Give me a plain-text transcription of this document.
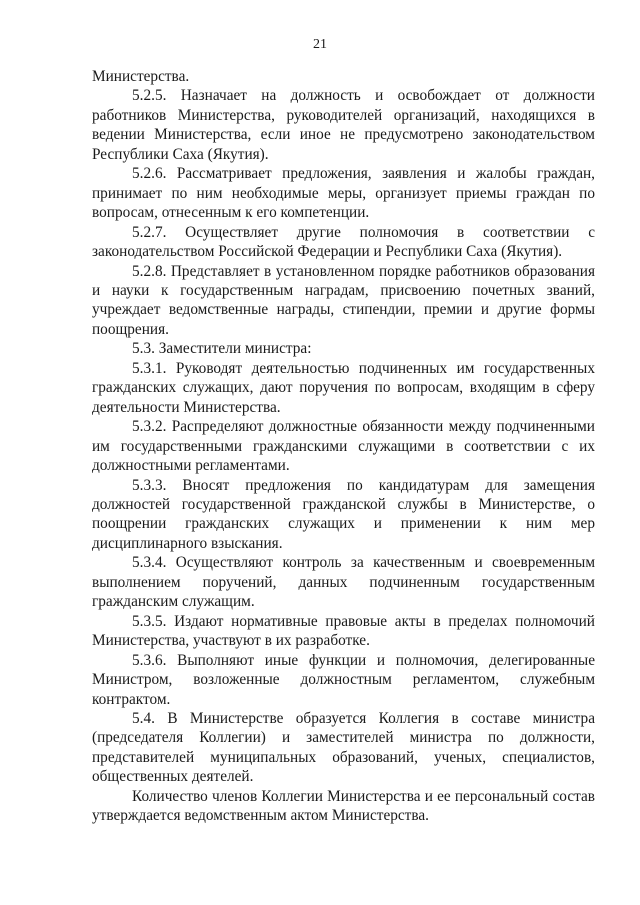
21

Министерства.

5.2.5. Назначает на должность и освобождает от должности работников Министерства, руководителей организаций, находящихся в ведении Министерства, если иное не предусмотрено законодательством Республики Саха (Якутия).

5.2.6. Рассматривает предложения, заявления и жалобы граждан, принимает по ним необходимые меры, организует приемы граждан по вопросам, отнесенным к его компетенции.

5.2.7. Осуществляет другие полномочия в соответствии с законодательством Российской Федерации и Республики Саха (Якутия).

5.2.8. Представляет в установленном порядке работников образования и науки к государственным наградам, присвоению почетных званий, учреждает ведомственные награды, стипендии, премии и другие формы поощрения.

5.3. Заместители министра:

5.3.1. Руководят деятельностью подчиненных им государственных гражданских служащих, дают поручения по вопросам, входящим в сферу деятельности Министерства.

5.3.2. Распределяют должностные обязанности между подчиненными им государственными гражданскими служащими в соответствии с их должностными регламентами.

5.3.3. Вносят предложения по кандидатурам для замещения должностей государственной гражданской службы в Министерстве, о поощрении гражданских служащих и применении к ним мер дисциплинарного взыскания.

5.3.4. Осуществляют контроль за качественным и своевременным выполнением поручений, данных подчиненным государственным гражданским служащим.

5.3.5. Издают нормативные правовые акты в пределах полномочий Министерства, участвуют в их разработке.

5.3.6. Выполняют иные функции и полномочия, делегированные Министром, возложенные должностным регламентом, служебным контрактом.

5.4. В Министерстве образуется Коллегия в составе министра (председателя Коллегии) и заместителей министра по должности, представителей муниципальных образований, ученых, специалистов, общественных деятелей.

Количество членов Коллегии Министерства и ее персональный состав утверждается ведомственным актом Министерства.
